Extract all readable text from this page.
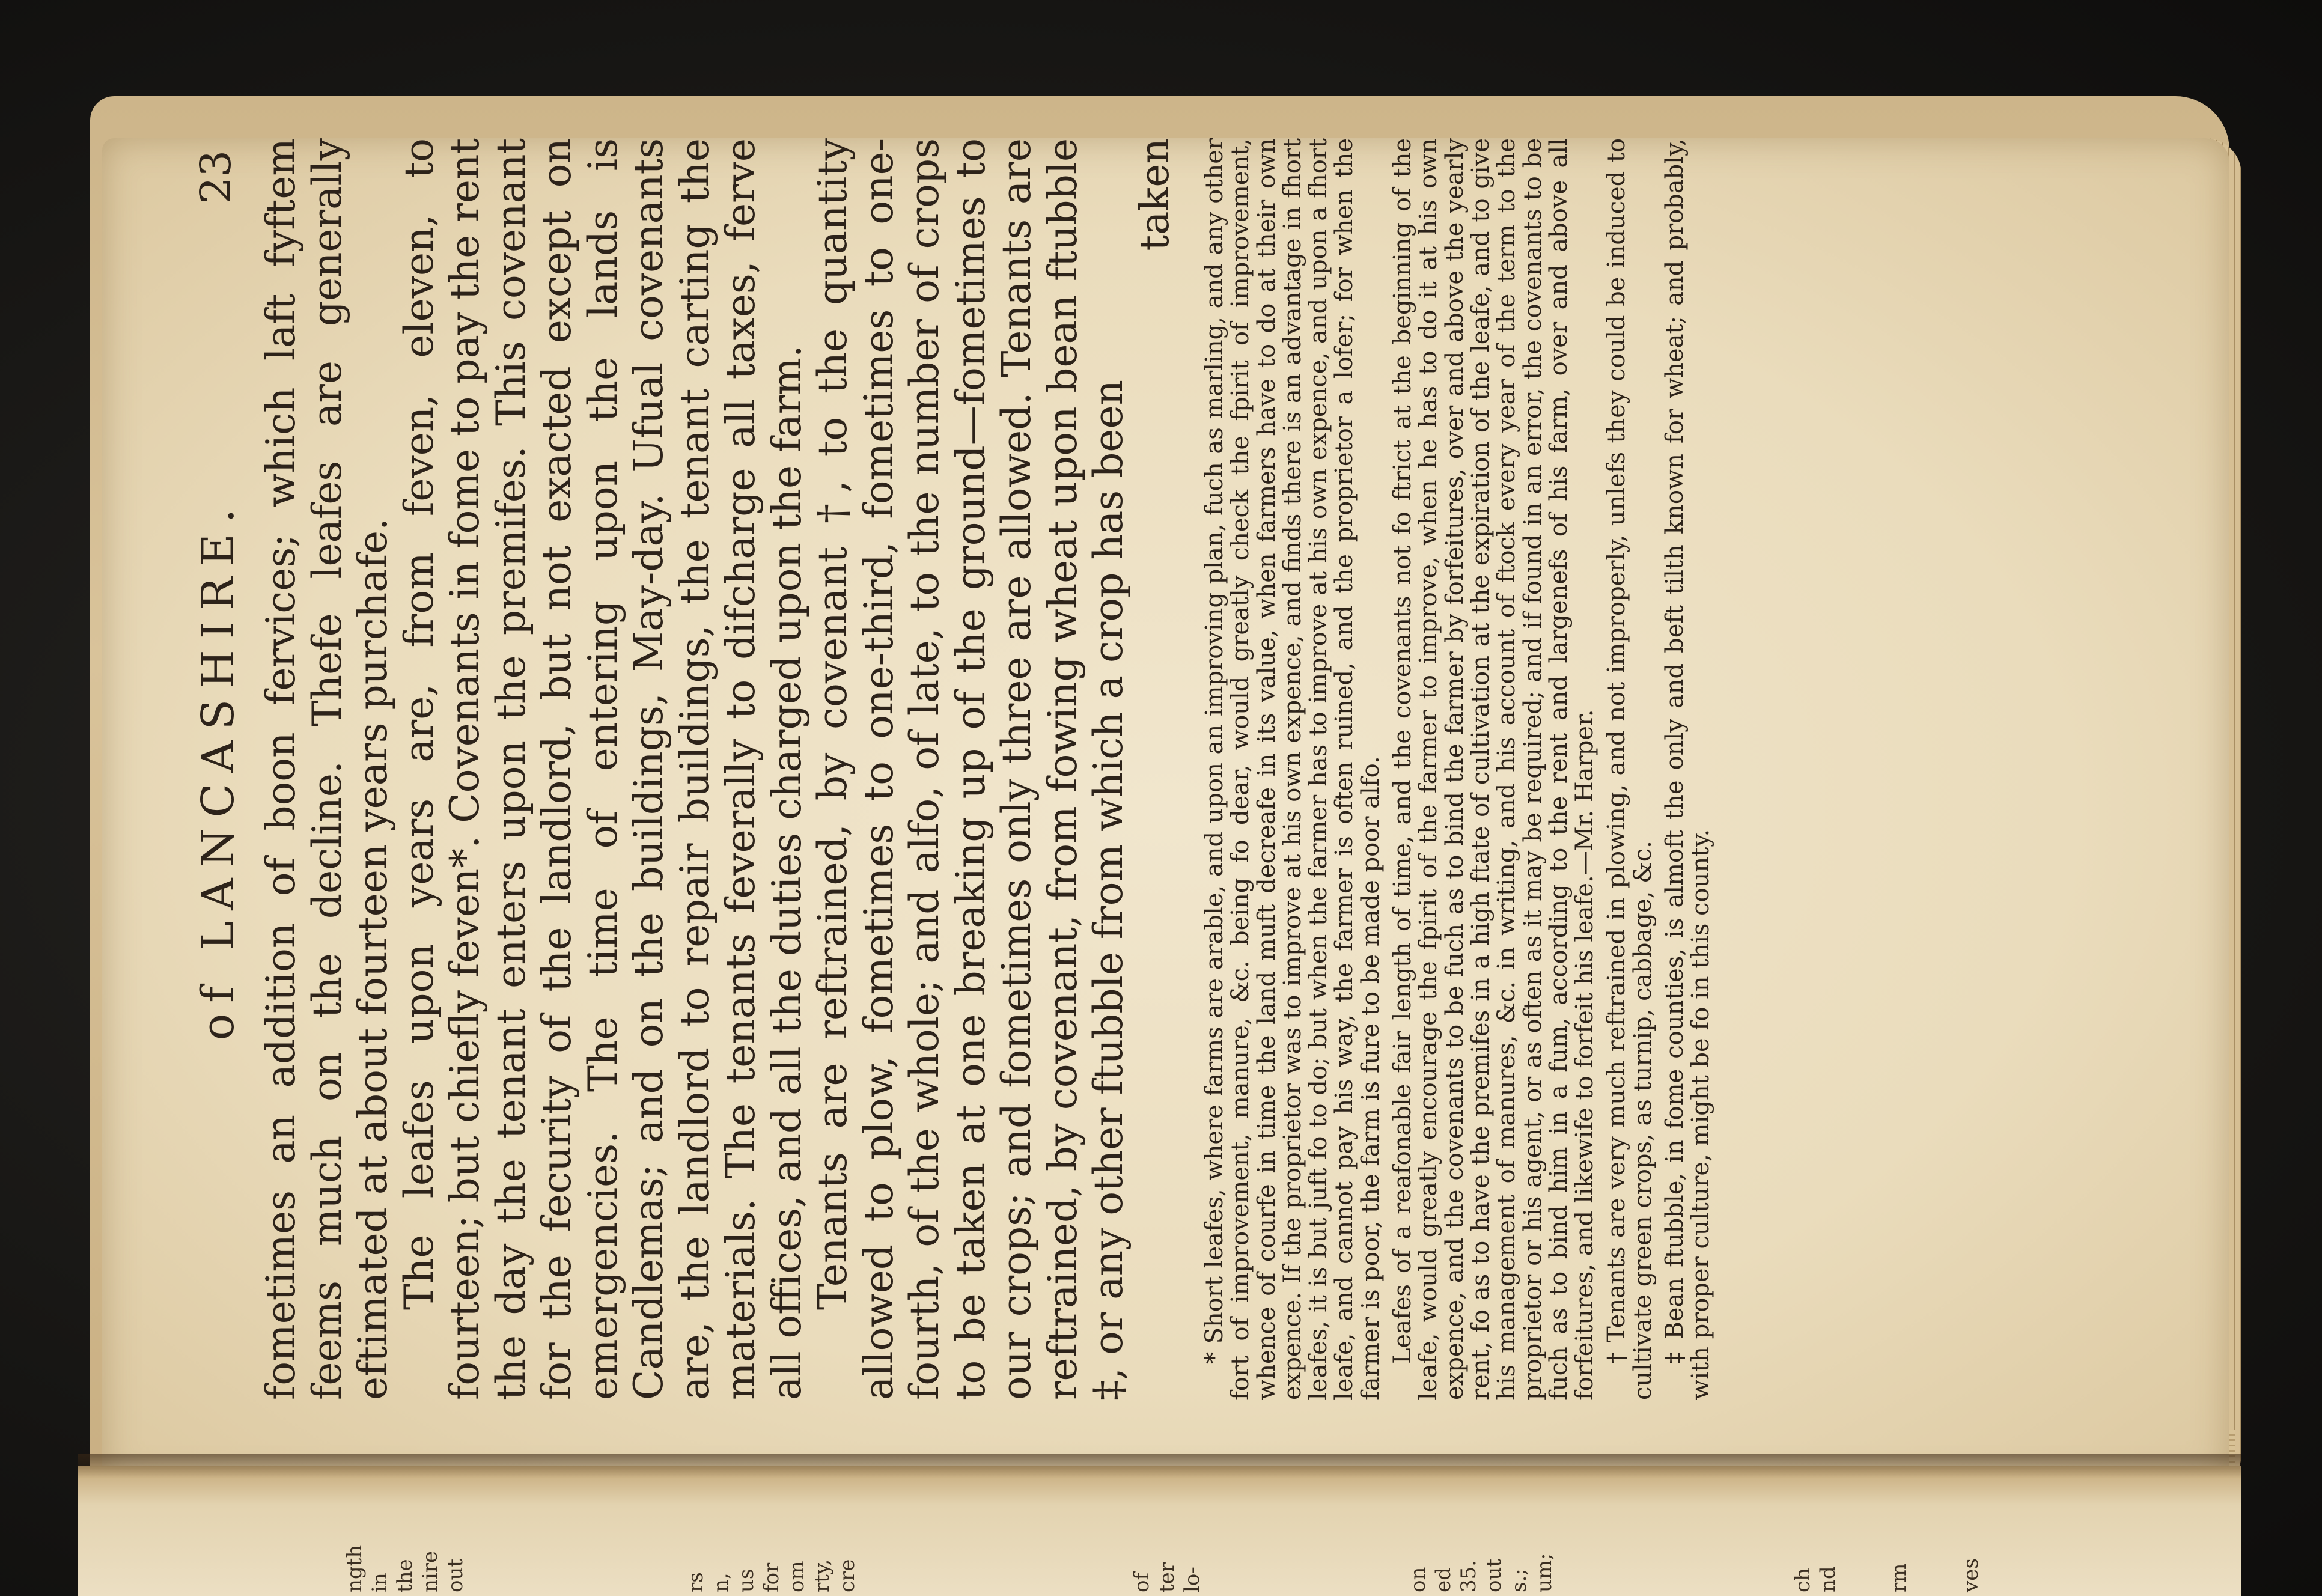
of LANCASHIRE.
23 fometimes an addition of boon fervices; which laft fyftem feems much on the decline. Thefe leafes are generally eftimated at about fourteen years purchafe. The leafes upon years are, from feven, eleven, to fourteen; but chiefly feven*. Covenants in fome to pay the rent the day the tenant enters upon the premifes. This covenant for the fecurity of the landlord, but not exacted except on emergencies. The time of entering upon the lands is Candlemas; and on the buildings, May-day. Ufual covenants are, the landlord to repair buildings, the tenant carting the materials. The tenants feverally to difcharge all taxes, ferve all offices, and all the duties charged upon the farm. Tenants are reftrained, by covenant †, to the quantity allowed to plow, fometimes to one-third, fometimes to one-fourth, of the whole; and alfo, of late, to the number of crops to be taken at one breaking up of the ground—fometimes to our crops; and fometimes only three are allowed. Tenants are reftrained, by covenant, from fowing wheat upon bean ftubble ‡, or any other ftubble from which a crop has been

taken * Short leafes, where farms are arable, and upon an improving plan, fuch as marling, and any other fort of improvement, manure, &c. being fo dear, would greatly check the fpirit of improvement, whence of courfe in time the land muft decreafe in its value, when farmers have to do at their own expence. If the proprietor was to improve at his own expence, and finds there is an advantage in fhort leafes, it is but juft fo to do; but when the farmer has to improve at his own expence, and upon a fhort leafe, and cannot pay his way, the farmer is often ruined, and the proprietor a lofer; for when the farmer is poor, the farm is fure to be made poor alfo. Leafes of a reafonable fair length of time, and the covenants not fo ftrict at the beginning of the leafe, would greatly encourage the fpirit of the farmer to improve, when he has to do it at his own expence, and the covenants to be fuch as to bind the farmer by forfeitures, over and above the yearly rent, fo as to have the premifes in a high ftate of cultivation at the expiration of the leafe, and to give his management of manures, &c. in writing, and his account of ftock every year of the term to the proprietor or his agent, or as often as it may be required; and if found in an error, the covenants to be fuch as to bind him in a fum, according to the rent and largenefs of his farm, over and above all forfeitures, and likewife to forfeit his leafe.—Mr. Harper. † Tenants are very much reftrained in plowing, and not improperly, unlefs they could be induced to cultivate green crops, as turnip, cabbage, &c. ‡ Bean ftubble, in fome counties, is almoft the only and beft tilth known for wheat; and probably, with proper culture, might be fo in this county.

ngth in the nire out	rs n, us for om rty, cre	of ter lo-	on ed 35. out s.; um;	ch nd rm ves
